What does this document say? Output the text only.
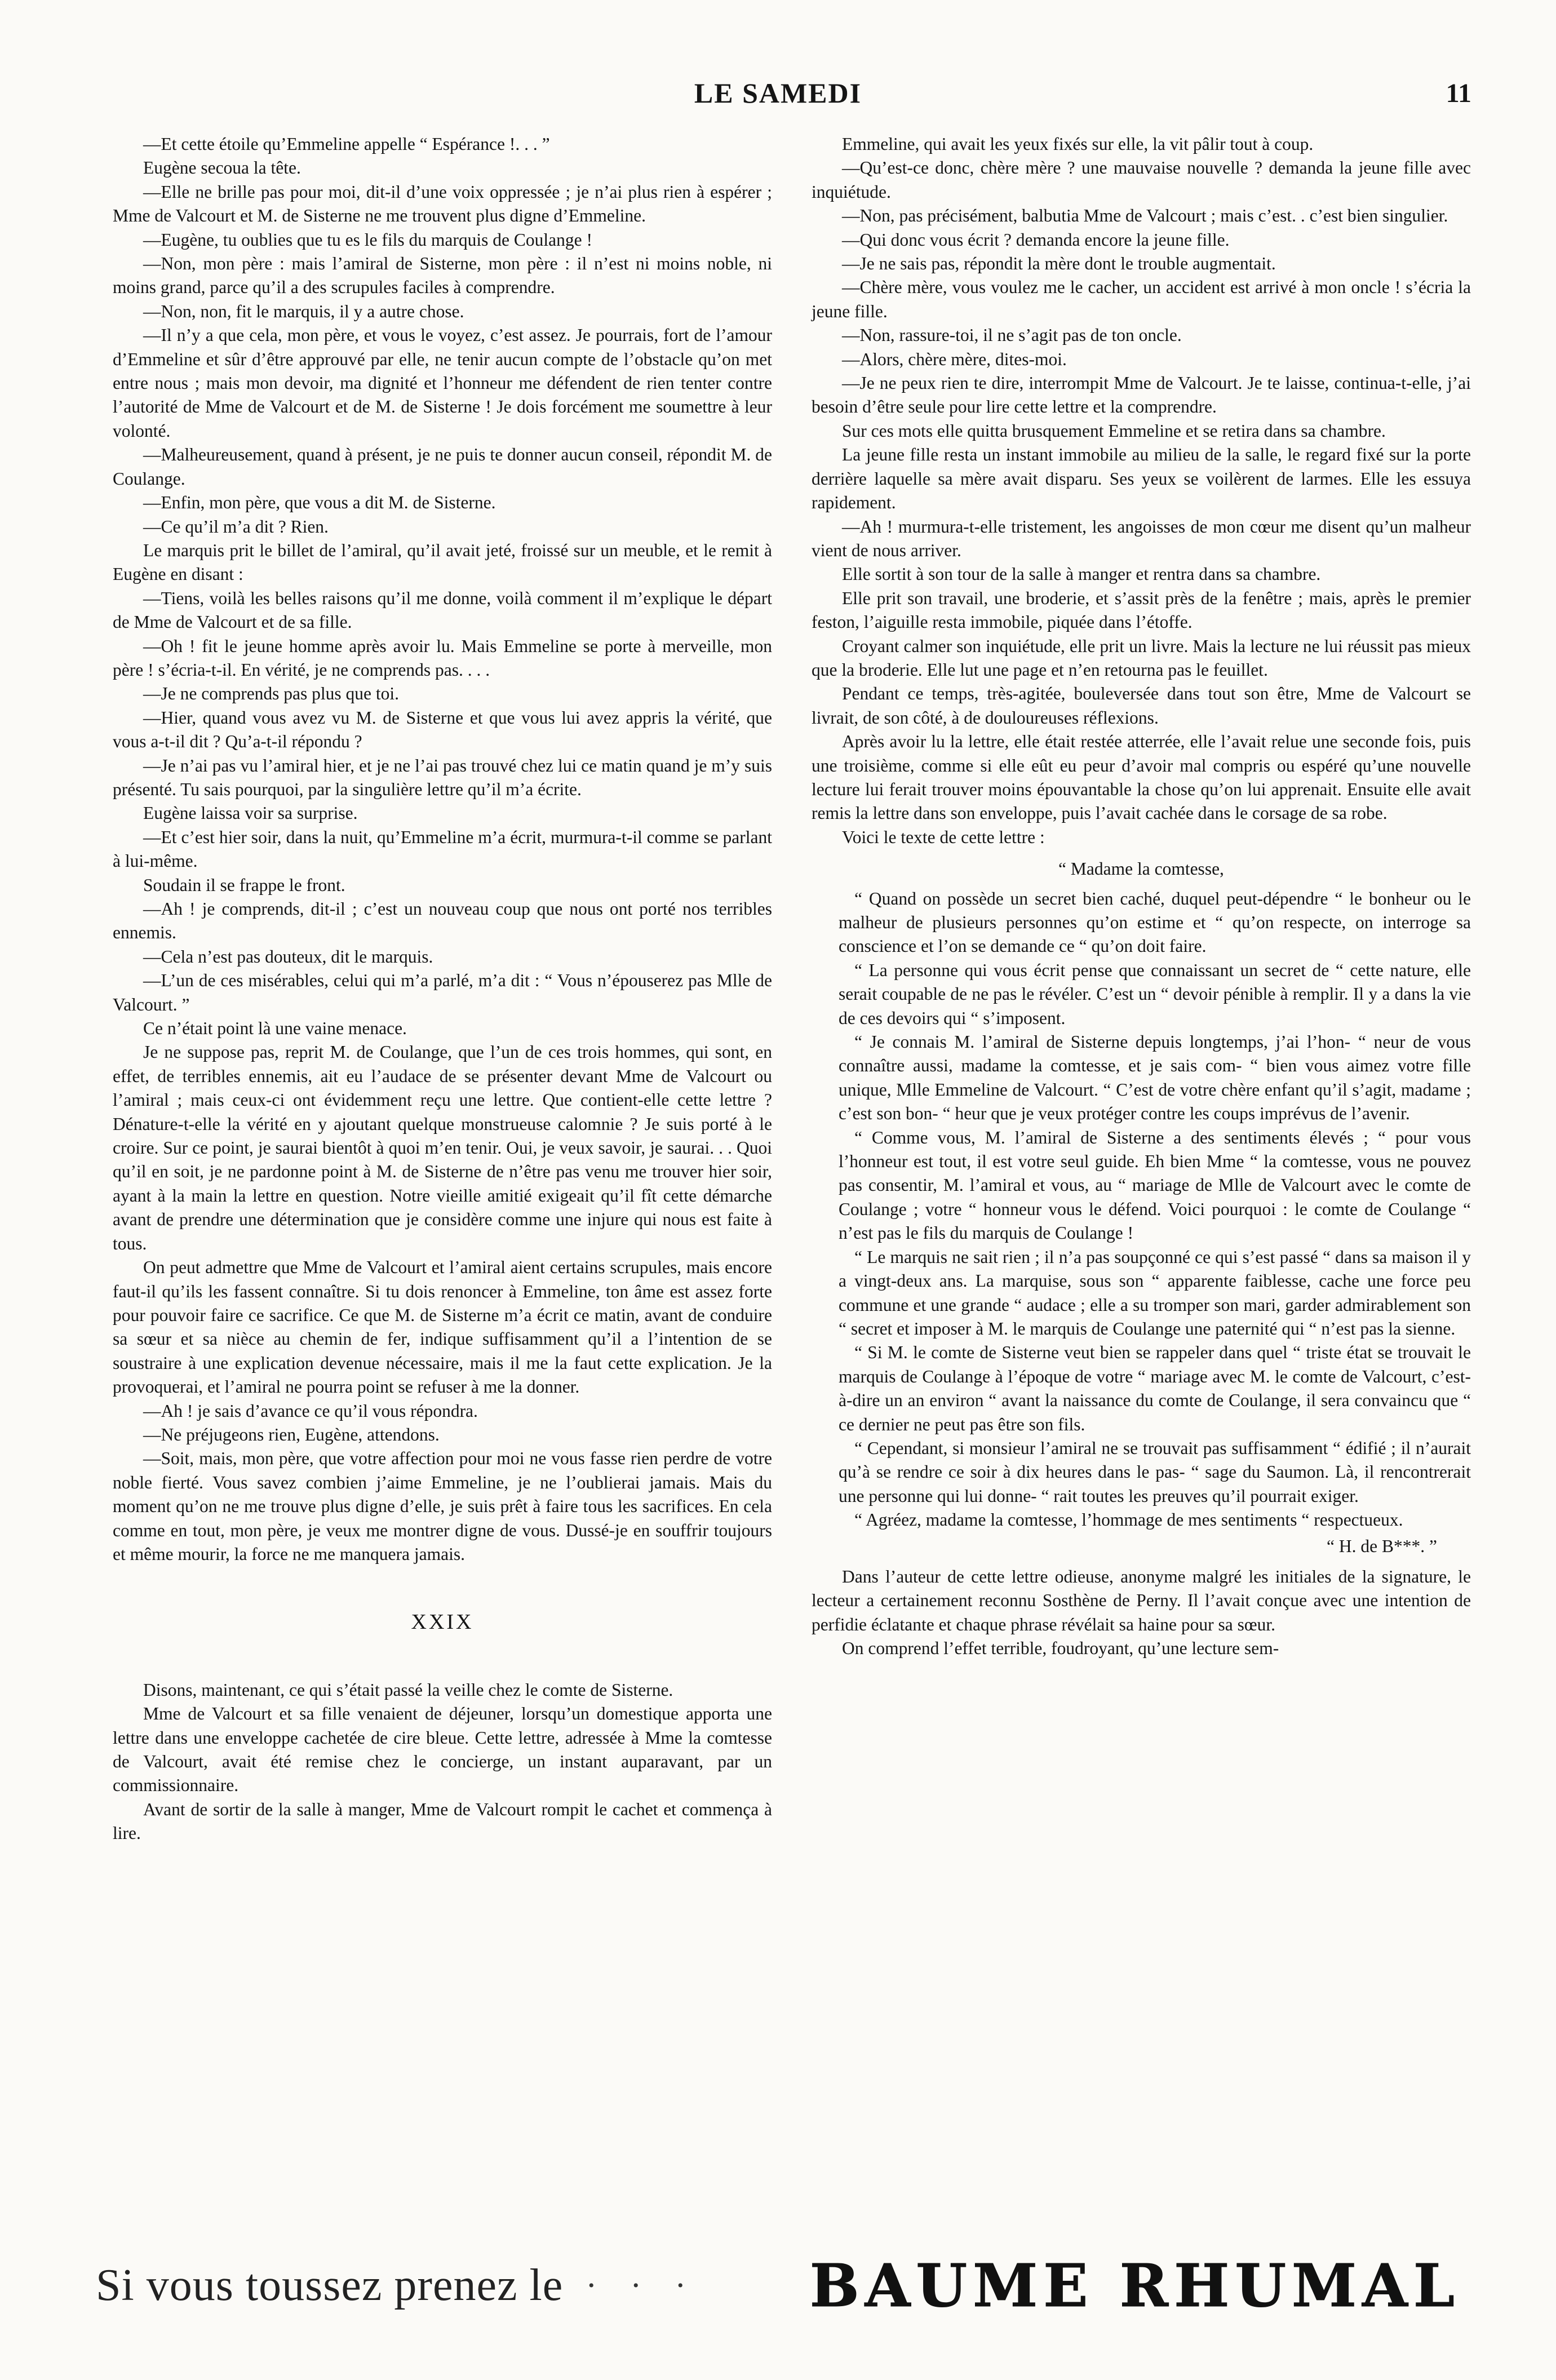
LE SAMEDI	11

—Et cette étoile qu’Emmeline appelle “ Espérance !. . . ”

Eugène secoua la tête.

—Elle ne brille pas pour moi, dit-il d’une voix oppressée ; je n’ai plus rien à espérer ; Mme de Valcourt et M. de Sisterne ne me trouvent plus digne d’Emmeline.

—Eugène, tu oublies que tu es le fils du marquis de Coulange !

—Non, mon père : mais l’amiral de Sisterne, mon père : il n’est ni moins noble, ni moins grand, parce qu’il a des scrupules faciles à comprendre.

—Non, non, fit le marquis, il y a autre chose.

—Il n’y a que cela, mon père, et vous le voyez, c’est assez. Je pourrais, fort de l’amour d’Emmeline et sûr d’être approuvé par elle, ne tenir aucun compte de l’obstacle qu’on met entre nous ; mais mon devoir, ma dignité et l’honneur me défendent de rien tenter contre l’autorité de Mme de Valcourt et de M. de Sisterne ! Je dois forcément me soumettre à leur volonté.

—Malheureusement, quand à présent, je ne puis te donner aucun conseil, répondit M. de Coulange.

—Enfin, mon père, que vous a dit M. de Sisterne.

—Ce qu’il m’a dit ? Rien.

Le marquis prit le billet de l’amiral, qu’il avait jeté, froissé sur un meuble, et le remit à Eugène en disant :

—Tiens, voilà les belles raisons qu’il me donne, voilà comment il m’explique le départ de Mme de Valcourt et de sa fille.

—Oh ! fit le jeune homme après avoir lu. Mais Emmeline se porte à merveille, mon père ! s’écria-t-il. En vérité, je ne comprends pas. . . .

—Je ne comprends pas plus que toi.

—Hier, quand vous avez vu M. de Sisterne et que vous lui avez appris la vérité, que vous a-t-il dit ? Qu’a-t-il répondu ?

—Je n’ai pas vu l’amiral hier, et je ne l’ai pas trouvé chez lui ce matin quand je m’y suis présenté. Tu sais pourquoi, par la singulière lettre qu’il m’a écrite.

Eugène laissa voir sa surprise.

—Et c’est hier soir, dans la nuit, qu’Emmeline m’a écrit, murmura-t-il comme se parlant à lui-même.

Soudain il se frappe le front.

—Ah ! je comprends, dit-il ; c’est un nouveau coup que nous ont porté nos terribles ennemis.

—Cela n’est pas douteux, dit le marquis.

—L’un de ces misérables, celui qui m’a parlé, m’a dit : “ Vous n’épouserez pas Mlle de Valcourt. ”

Ce n’était point là une vaine menace.

Je ne suppose pas, reprit M. de Coulange, que l’un de ces trois hommes, qui sont, en effet, de terribles ennemis, ait eu l’audace de se présenter devant Mme de Valcourt ou l’amiral ; mais ceux-ci ont évidemment reçu une lettre. Que contient-elle cette lettre ? Dénature-t-elle la vérité en y ajoutant quelque monstrueuse calomnie ? Je suis porté à le croire. Sur ce point, je saurai bientôt à quoi m’en tenir. Oui, je veux savoir, je saurai. . . Quoi qu’il en soit, je ne pardonne point à M. de Sisterne de n’être pas venu me trouver hier soir, ayant à la main la lettre en question. Notre vieille amitié exigeait qu’il fît cette démarche avant de prendre une détermination que je considère comme une injure qui nous est faite à tous.

On peut admettre que Mme de Valcourt et l’amiral aient certains scrupules, mais encore faut-il qu’ils les fassent connaître. Si tu dois renoncer à Emmeline, ton âme est assez forte pour pouvoir faire ce sacrifice. Ce que M. de Sisterne m’a écrit ce matin, avant de conduire sa sœur et sa nièce au chemin de fer, indique suffisamment qu’il a l’intention de se soustraire à une explication devenue nécessaire, mais il me la faut cette explication. Je la provoquerai, et l’amiral ne pourra point se refuser à me la donner.

—Ah ! je sais d’avance ce qu’il vous répondra.

—Ne préjugeons rien, Eugène, attendons.

—Soit, mais, mon père, que votre affection pour moi ne vous fasse rien perdre de votre noble fierté. Vous savez combien j’aime Emmeline, je ne l’oublierai jamais. Mais du moment qu’on ne me trouve plus digne d’elle, je suis prêt à faire tous les sacrifices. En cela comme en tout, mon père, je veux me montrer digne de vous. Dussé-je en souffrir toujours et même mourir, la force ne me manquera jamais.

XXIX

Disons, maintenant, ce qui s’était passé la veille chez le comte de Sisterne.

Mme de Valcourt et sa fille venaient de déjeuner, lorsqu’un domestique apporta une lettre dans une enveloppe cachetée de cire bleue. Cette lettre, adressée à Mme la comtesse de Valcourt, avait été remise chez le concierge, un instant auparavant, par un commissionnaire.

Avant de sortir de la salle à manger, Mme de Valcourt rompit le cachet et commença à lire.

Emmeline, qui avait les yeux fixés sur elle, la vit pâlir tout à coup.

—Qu’est-ce donc, chère mère ? une mauvaise nouvelle ? demanda la jeune fille avec inquiétude.

—Non, pas précisément, balbutia Mme de Valcourt ; mais c’est. . c’est bien singulier.

—Qui donc vous écrit ? demanda encore la jeune fille.

—Je ne sais pas, répondit la mère dont le trouble augmentait.

—Chère mère, vous voulez me le cacher, un accident est arrivé à mon oncle ! s’écria la jeune fille.

—Non, rassure-toi, il ne s’agit pas de ton oncle.

—Alors, chère mère, dites-moi.

—Je ne peux rien te dire, interrompit Mme de Valcourt. Je te laisse, continua-t-elle, j’ai besoin d’être seule pour lire cette lettre et la comprendre.

Sur ces mots elle quitta brusquement Emmeline et se retira dans sa chambre.

La jeune fille resta un instant immobile au milieu de la salle, le regard fixé sur la porte derrière laquelle sa mère avait disparu. Ses yeux se voilèrent de larmes. Elle les essuya rapidement.

—Ah ! murmura-t-elle tristement, les angoisses de mon cœur me disent qu’un malheur vient de nous arriver.

Elle sortit à son tour de la salle à manger et rentra dans sa chambre.

Elle prit son travail, une broderie, et s’assit près de la fenêtre ; mais, après le premier feston, l’aiguille resta immobile, piquée dans l’étoffe.

Croyant calmer son inquiétude, elle prit un livre. Mais la lecture ne lui réussit pas mieux que la broderie. Elle lut une page et n’en retourna pas le feuillet.

Pendant ce temps, très-agitée, bouleversée dans tout son être, Mme de Valcourt se livrait, de son côté, à de douloureuses réflexions.

Après avoir lu la lettre, elle était restée atterrée, elle l’avait relue une seconde fois, puis une troisième, comme si elle eût eu peur d’avoir mal compris ou espéré qu’une nouvelle lecture lui ferait trouver moins épouvantable la chose qu’on lui apprenait. Ensuite elle avait remis la lettre dans son enveloppe, puis l’avait cachée dans le corsage de sa robe.

Voici le texte de cette lettre :

“ Madame la comtesse,

“ Quand on possède un secret bien caché, duquel peut-dépendre “ le bonheur ou le malheur de plusieurs personnes qu’on estime et “ qu’on respecte, on interroge sa conscience et l’on se demande ce “ qu’on doit faire.

“ La personne qui vous écrit pense que connaissant un secret de “ cette nature, elle serait coupable de ne pas le révéler. C’est un “ devoir pénible à remplir. Il y a dans la vie de ces devoirs qui “ s’imposent.

“ Je connais M. l’amiral de Sisterne depuis longtemps, j’ai l’hon- “ neur de vous connaître aussi, madame la comtesse, et je sais com- “ bien vous aimez votre fille unique, Mlle Emmeline de Valcourt. “ C’est de votre chère enfant qu’il s’agit, madame ; c’est son bon- “ heur que je veux protéger contre les coups imprévus de l’avenir.

“ Comme vous, M. l’amiral de Sisterne a des sentiments élevés ; “ pour vous l’honneur est tout, il est votre seul guide. Eh bien Mme “ la comtesse, vous ne pouvez pas consentir, M. l’amiral et vous, au “ mariage de Mlle de Valcourt avec le comte de Coulange ; votre “ honneur vous le défend. Voici pourquoi : le comte de Coulange “ n’est pas le fils du marquis de Coulange !

“ Le marquis ne sait rien ; il n’a pas soupçonné ce qui s’est passé “ dans sa maison il y a vingt-deux ans. La marquise, sous son “ apparente faiblesse, cache une force peu commune et une grande “ audace ; elle a su tromper son mari, garder admirablement son “ secret et imposer à M. le marquis de Coulange une paternité qui “ n’est pas la sienne.

“ Si M. le comte de Sisterne veut bien se rappeler dans quel “ triste état se trouvait le marquis de Coulange à l’époque de votre “ mariage avec M. le comte de Valcourt, c’est-à-dire un an environ “ avant la naissance du comte de Coulange, il sera convaincu que “ ce dernier ne peut pas être son fils.

“ Cependant, si monsieur l’amiral ne se trouvait pas suffisamment “ édifié ; il n’aurait qu’à se rendre ce soir à dix heures dans le pas- “ sage du Saumon. Là, il rencontrerait une personne qui lui donne- “ rait toutes les preuves qu’il pourrait exiger.

“ Agréez, madame la comtesse, l’hommage de mes sentiments “ respectueux.

“ H. de B***. ”

Dans l’auteur de cette lettre odieuse, anonyme malgré les initiales de la signature, le lecteur a certainement reconnu Sosthène de Perny. Il l’avait conçue avec une intention de perfidie éclatante et chaque phrase révélait sa haine pour sa sœur.

On comprend l’effet terrible, foudroyant, qu’une lecture sem-

Si vous toussez prenez le · · · BAUME RHUMAL
